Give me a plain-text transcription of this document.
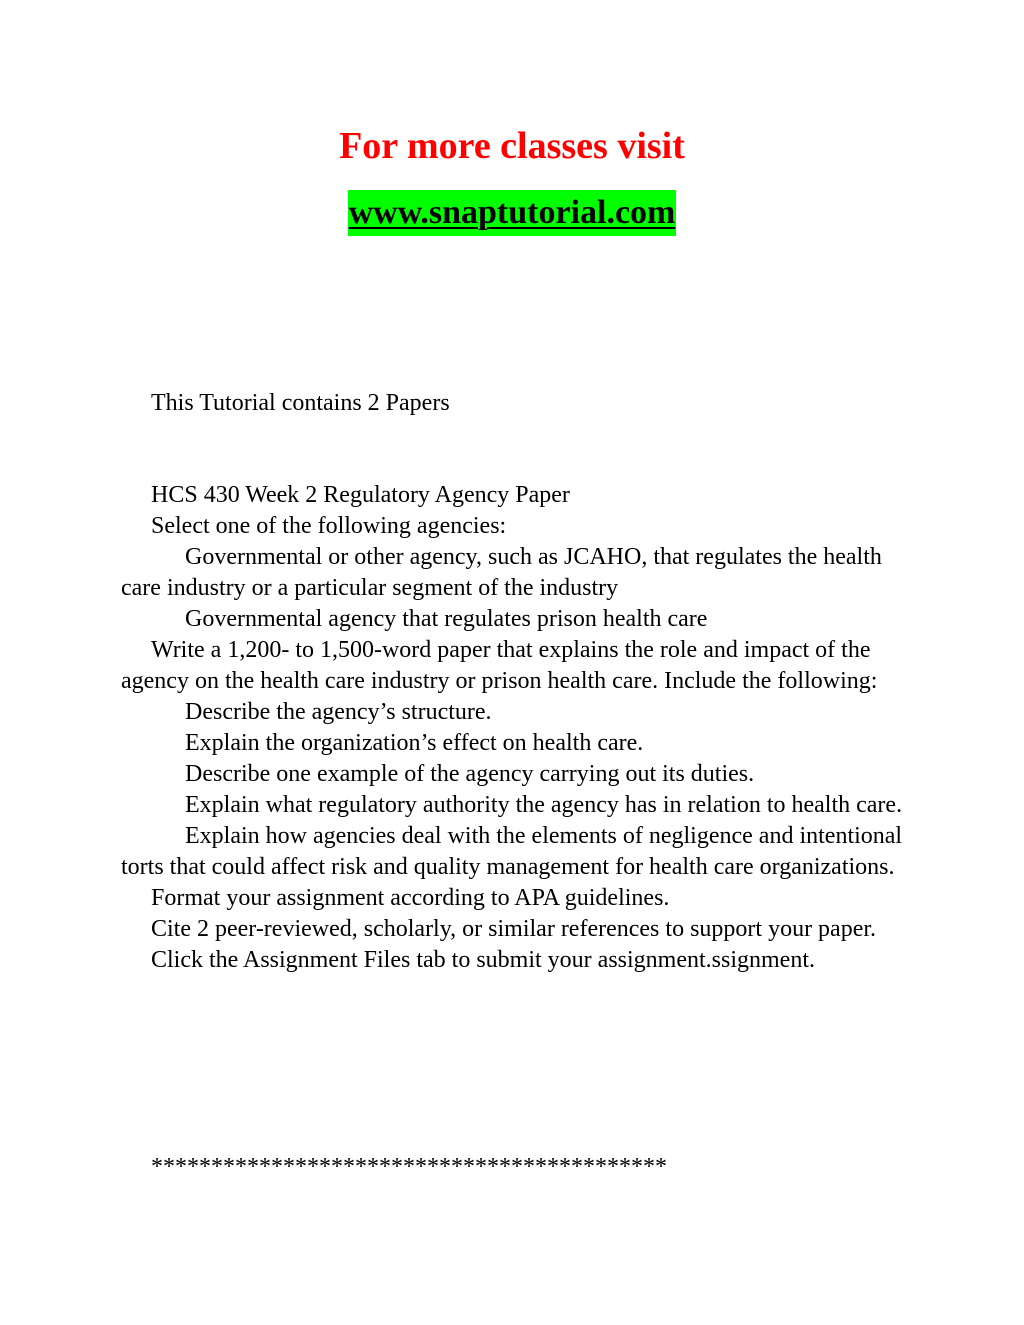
For more classes visit
www.snaptutorial.com
This Tutorial contains 2 Papers

HCS 430 Week 2 Regulatory Agency Paper

Select one of the following agencies:

Governmental or other agency, such as JCAHO, that regulates the health care industry or a particular segment of the industry

Governmental agency that regulates prison health care

Write a 1,200- to 1,500-word paper that explains the role and impact of the agency on the health care industry or prison health care. Include the following:

Describe the agency’s structure.

Explain the organization’s effect on health care.

Describe one example of the agency carrying out its duties.

Explain what regulatory authority the agency has in relation to health care.

Explain how agencies deal with the elements of negligence and intentional torts that could affect risk and quality management for health care organizations.

Format your assignment according to APA guidelines.

Cite 2 peer-reviewed, scholarly, or similar references to support your paper.

Click the Assignment Files tab to submit your assignment.ssignment.

*******************************************
